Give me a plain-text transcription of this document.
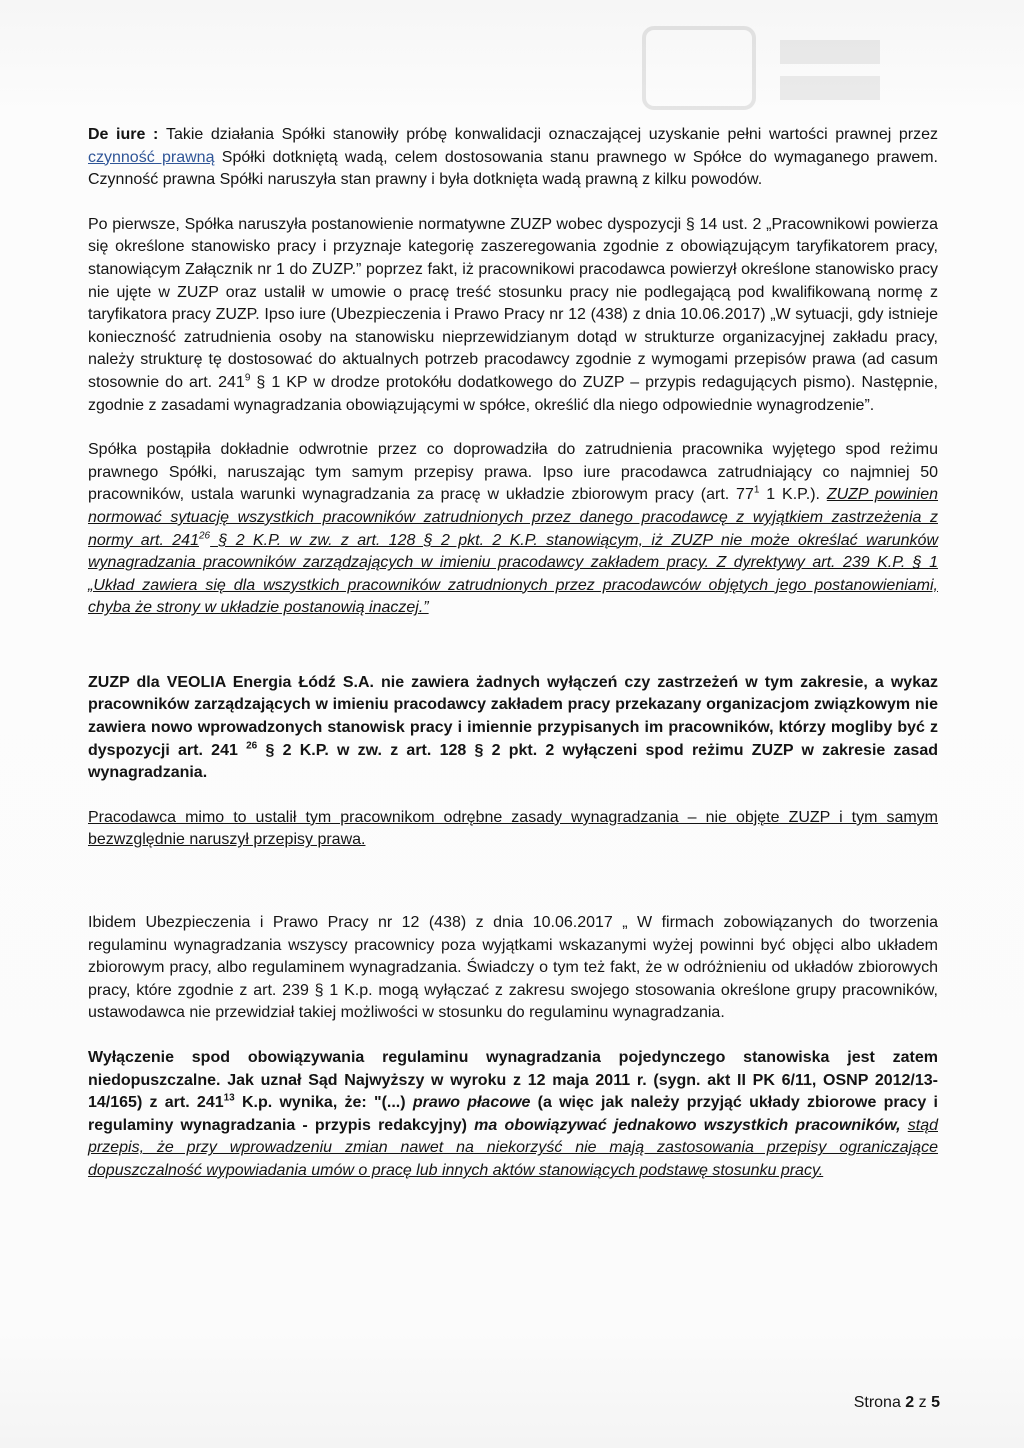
De iure : Takie działania Spółki stanowiły próbę konwalidacji oznaczającej uzyskanie pełni wartości prawnej przez czynność prawną Spółki dotkniętą wadą, celem dostosowania stanu prawnego w Spółce do wymaganego prawem. Czynność prawna Spółki naruszyła stan prawny i była dotknięta wadą prawną z kilku powodów.

Po pierwsze, Spółka naruszyła postanowienie normatywne ZUZP wobec dyspozycji § 14 ust. 2 „Pracownikowi powierza się określone stanowisko pracy i przyznaje kategorię zaszeregowania zgodnie z obowiązującym taryfikatorem pracy, stanowiącym Załącznik nr 1 do ZUZP.” poprzez fakt, iż pracownikowi pracodawca powierzył określone stanowisko pracy nie ujęte w ZUZP oraz ustalił w umowie o pracę treść stosunku pracy nie podlegającą pod kwalifikowaną normę z taryfikatora pracy ZUZP. Ipso iure (Ubezpieczenia i Prawo Pracy nr 12 (438) z dnia 10.06.2017) „W sytuacji, gdy istnieje konieczność zatrudnienia osoby na stanowisku nieprzewidzianym dotąd w strukturze organizacyjnej zakładu pracy, należy strukturę tę dostosować do aktualnych potrzeb pracodawcy zgodnie z wymogami przepisów prawa (ad casum stosownie do art. $241^9$ § 1 KP w drodze protokółu dodatkowego do ZUZP – przypis redagujących pismo). Następnie, zgodnie z zasadami wynagradzania obowiązującymi w spółce, określić dla niego odpowiednie wynagrodzenie”.

Spółka postąpiła dokładnie odwrotnie przez co doprowadziła do zatrudnienia pracownika wyjętego spod reżimu prawnego Spółki, naruszając tym samym przepisy prawa. Ipso iure pracodawca zatrudniający co najmniej 50 pracowników, ustala warunki wynagradzania za pracę w układzie zbiorowym pracy (art. $77^1$ 1 K.P.). ZUZP powinien normować sytuację wszystkich pracowników zatrudnionych przez danego pracodawcę z wyjątkiem zastrzeżenia z normy art. $241^{26}$ § 2 K.P. w zw. z art. 128 § 2 pkt. 2 K.P. stanowiącym, iż ZUZP nie może określać warunków wynagradzania pracowników zarządzających w imieniu pracodawcy zakładem pracy. Z dyrektywy art. 239 K.P. § 1 „Układ zawiera się dla wszystkich pracowników zatrudnionych przez pracodawców objętych jego postanowieniami, chyba że strony w układzie postanowią inaczej.”

ZUZP dla VEOLIA Energia Łódź S.A. nie zawiera żadnych wyłączeń czy zastrzeżeń w tym zakresie, a wykaz pracowników zarządzających w imieniu pracodawcy zakładem pracy przekazany organizacjom związkowym nie zawiera nowo wprowadzonych stanowisk pracy i imiennie przypisanych im pracowników, którzy mogliby być z dyspozycji art. 241 $^{26}$ § 2 K.P. w zw. z art. 128 § 2 pkt. 2 wyłączeni spod reżimu ZUZP w zakresie zasad wynagradzania.

Pracodawca mimo to ustalił tym pracownikom odrębne zasady wynagradzania – nie objęte ZUZP i tym samym bezwzględnie naruszył przepisy prawa.

Ibidem Ubezpieczenia i Prawo Pracy nr 12 (438) z dnia 10.06.2017 „ W firmach zobowiązanych do tworzenia regulaminu wynagradzania wszyscy pracownicy poza wyjątkami wskazanymi wyżej powinni być objęci albo układem zbiorowym pracy, albo regulaminem wynagradzania. Świadczy o tym też fakt, że w odróżnieniu od układów zbiorowych pracy, które zgodnie z art. 239 § 1 K.p. mogą wyłączać z zakresu swojego stosowania określone grupy pracowników, ustawodawca nie przewidział takiej możliwości w stosunku do regulaminu wynagradzania.

Wyłączenie spod obowiązywania regulaminu wynagradzania pojedynczego stanowiska jest zatem niedopuszczalne. Jak uznał Sąd Najwyższy w wyroku z 12 maja 2011 r. (sygn. akt II PK 6/11, OSNP 2012/13-14/165) z art. $241^{13}$ K.p. wynika, że: "(...) prawo płacowe (a więc jak należy przyjąć układy zbiorowe pracy i regulaminy wynagradzania - przypis redakcyjny) ma obowiązywać jednakowo wszystkich pracowników, stąd przepis, że przy wprowadzeniu zmian nawet na niekorzyść nie mają zastosowania przepisy ograniczające dopuszczalność wypowiadania umów o pracę lub innych aktów stanowiących podstawę stosunku pracy.

Strona 2 z 5
